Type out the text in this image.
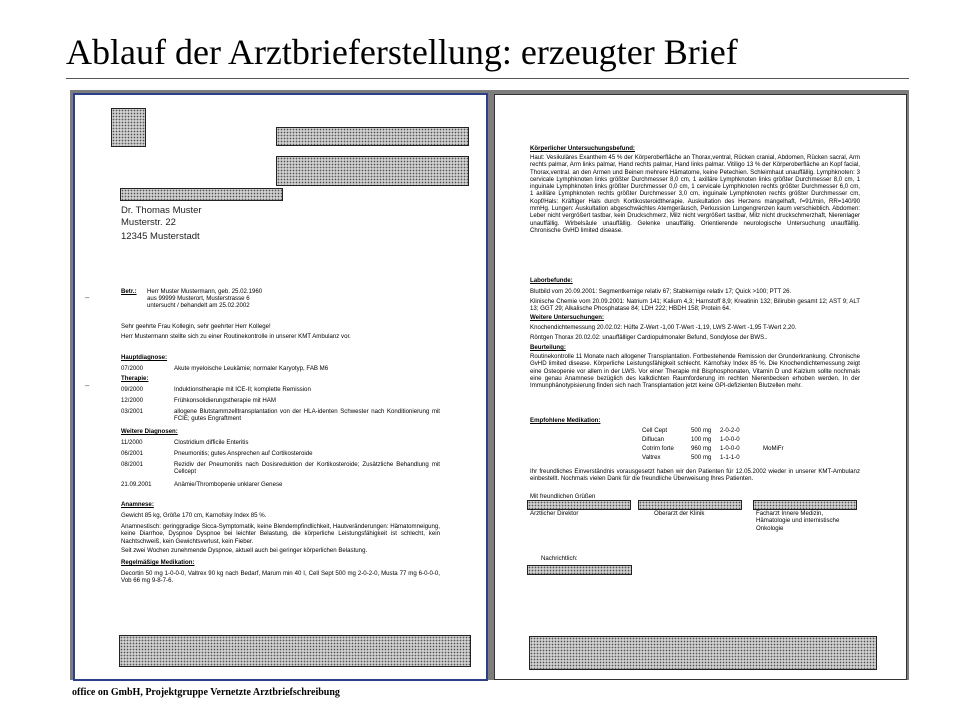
Ablauf der Arztbrieferstellung: erzeugter Brief
Dr. Thomas Muster
Musterstr. 22
12345 Musterstadt
–
–
Betr.: Herr Muster Mustermann, geb. 25.02.1960
aus 99999 Musterort, Musterstrasse 6
untersucht / behandelt am 25.02.2002
Sehr geehrte Frau Kollegin, sehr geehrter Herr Kollege!
Herr Mustermann stellte sich zu einer Routinekontrolle in unserer KMT Ambulanz vor.
Hauptdiagnose:
07/2000	Akute myeloische Leukämie; normaler Karyotyp, FAB M6
Therapie:
09/2000	Induktionstherapie mit ICE-II; komplette Remission
12/2000	Frühkonsolidierungstherapie mit HAM
03/2001	allogene Blutstammzelltransplantation von der HLA-identen Schwester nach Konditionierung mit FCIE; gutes Engraftment
Weitere Diagnosen:
11/2000	Clostridium difficile Enteritis
06/2001	Pneumonitis; gutes Ansprechen auf Cortikosteroide
08/2001	Rezidiv der Pneumonitis nach Dosisreduktion der Kortikosteroide; Zusätzliche Behandlung mit Cellcept
21.09.2001	Anämie/Thrombopenie unklarer Genese
Anamnese:
Gewicht 85 kg, Größe 170 cm, Karnofsky Index 85 %.
Anamnestisch: geringgradige Sicca-Symptomatik, keine Blendempfindlichkeit, Hautveränderungen: Hämatomneigung, keine Diarrhoe, Dyspnoe Dyspnoe bei leichter Belastung, die körperliche Leistungsfähigkeit ist schlecht, kein Nachtschweiß, kein Gewichtsverlust, kein Fieber.
Seit zwei Wochen zunehmende Dyspnoe, aktuell auch bei geringer körperlichen Belastung.
Regelmäßige Medikation:
Decortin 50 mg 1-0-0-0, Valtrex 90 kg nach Bedarf, Marum min 40 I, Cell Sept 500 mg 2-0-2-0, Musta 77 mg 6-0-0-0, Vob 66 mg 9-8-7-6.
Körperlicher Untersuchungsbefund:
Haut: Vesikuläres Exanthem 45 % der Körperoberfläche an Thorax,ventral, Rücken cranial, Abdomen, Rücken sacral, Arm rechts palmar, Arm links palmar, Hand rechts palmar, Hand links palmar. Vitiligo 13 % der Körperoberfläche an Kopf facial, Thorax,ventral. an den Armen und Beinen mehrere Hämatome, keine Petechien. Schleimhaut unauffällig. Lymphknoten: 3 cervicale Lymphknoten links größter Durchmesser 8,0 cm, 1 axilläre Lymphknoten links größter Durchmesser 8,0 cm, 1 inguinale Lymphknoten links größter Durchmesser 0,0 cm, 1 cervicale Lymphknoten rechts größter Durchmesser 6,0 cm, 1 axilläre Lymphknoten rechts größter Durchmesser 3,0 cm, inguinale Lymphknoten rechts größter Durchmesser cm, Kopf/Hals: Kräftiger Hals durch Kortikosteroidtherapie. Auskultation des Herzens mangelhaft, f=91/min, RR=140/90 mmHg. Lungen: Auskultation abgeschwächtes Atemgeräusch, Perkussion Lungengrenzen kaum verschieblich. Abdomen: Leber nicht vergrößert tastbar, kein Druckschmerz, Milz nicht vergrößert tastbar, Milz nicht druckschmerzhaft, Nierenlager unauffällig. Wirbelsäule unauffällig. Gelenke unauffällig. Orientierende neurologische Untersuchung unauffällig. Chronische GvHD limited disease.
Laborbefunde:
Blutbild vom 20.09.2001: Segmentkernige relativ 67; Stabkernige relativ 17; Quick >100; PTT 26.
Klinische Chemie vom 20.09.2001: Natrium 141; Kalium 4,3; Harnstoff 8,9; Kreatinin 132; Bilirubin gesamt 12; AST 9; ALT 13; GGT 29; Alkalische Phosphatase 84; LDH 222; HBDH 158; Protein 64.
Weitere Untersuchungen:
Knochendichtemessung 20.02.02: Hüfte Z-Wert -1,00 T-Wert -1,19, LWS Z-Wert -1,95 T-Wert 2,20.
Röntgen Thorax 20.02.02: unauffälliger Cardiopulmonaler Befund, Sondylose der BWS..
Beurteilung:
Routinekontrolle 11 Monate nach allogener Transplantation. Fortbestehende Remission der Grunderkrankung. Chronische GvHD limited disease. Körperliche Leistungsfähigkeit schlecht. Kárnofsky Index 85 %. Die Knochendichtemessung zeigt eine Osteopenie vor allem in der LWS. Vor einer Therapie mit Bisphosphonaten, Vitamin D und Kalzium sollte nochmals eine genau Anamnese bezüglich des kalkdichten Raumforderung im rechten Nierenbecken erhoben werden. In der Immunphänotypisierung finden sich nach Transplantation jetzt keine GPI-defizienten Blutzellen mehr.
Empfohlene Medikation:
Cell Cept	500 mg 2-0-2-0
Diflucan	100 mg 1-0-0-0
Cotrim forte	960 mg 1-0-0-0	MoMiFr
Valtrex	500 mg 1-1-1-0
Ihr freundliches Einverständnis vorausgesetzt haben wir den Patienten für 12.05.2002 wieder in unserer KMT-Ambulanz einbestellt. Nochmals vielen Dank für die freundliche Überweisung Ihres Patienten.
Mit freundlichen Grüßen
Ärztlicher Direktor	Oberarzt der Klinik	Facharzt Innere Medizin, Hämatologie und internistische Onkologie
Nachrichtlich:
office on GmbH, Projektgruppe Vernetzte Arztbriefschreibung
